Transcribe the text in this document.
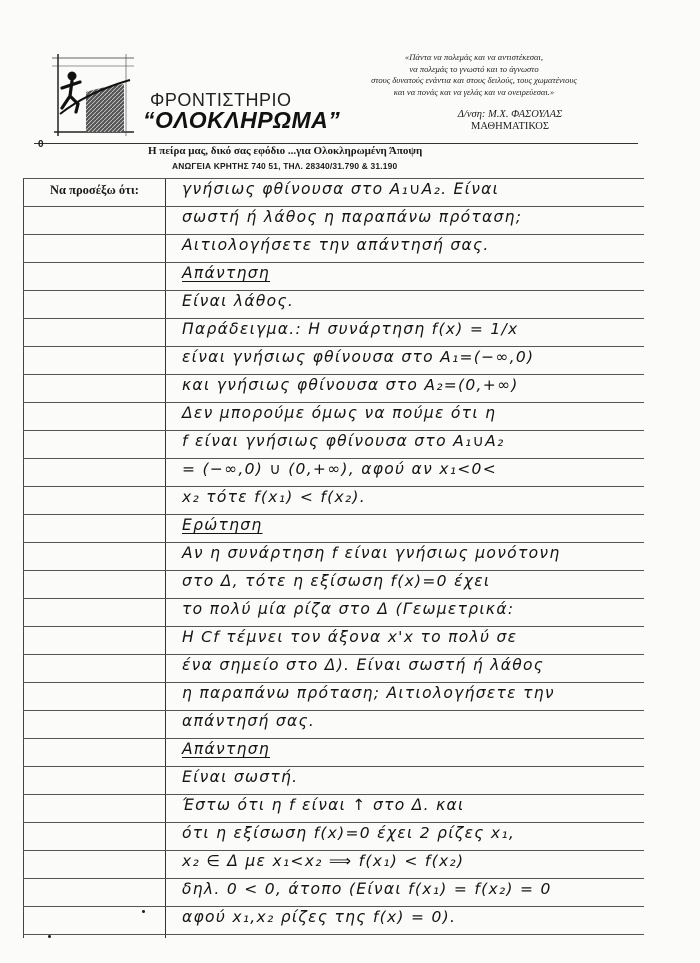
ΦΡΟΝΤΙΣΤΗΡΙΟ
“ΟΛΟΚΛΗΡΩΜΑ”
«Πάντα να πολεμάς και να αντιστέκεσαι,
να πολεμάς το γνωστό και το άγνωστο
στους δυνατούς ενάντια και στους δειλούς, τους χωματένιους
και να πονάς και να γελάς και να ονειρεύεσαι.»
Δ/νση: Μ.Χ. ΦΑΣΟΥΛΑΣ
ΜΑΘΗΜΑΤΙΚΟΣ
0
Η πείρα μας, δικό σας εφόδιο ...για Ολοκληρωμένη Άποψη
ΑΝΩΓΕΙΑ ΚΡΗΤΗΣ 740 51, ΤΗΛ. 28340/31.790 & 31.190
Να προσέξω ότι:	γνήσιως φθίνουσα στο A₁∪A₂. Είναι
σωστή ή λάθος η παραπάνω πρόταση;
Αιτιολογήσετε την απάντησή σας.
Απάντηση
Είναι λάθος.
Παράδειγμα.: Η συνάρτηση f(x) = 1/x
είναι γνήσιως φθίνουσα στο A₁=(−∞,0)
και γνήσιως φθίνουσα στο A₂=(0,+∞)
Δεν μπορούμε όμως να πούμε ότι η
f είναι γνήσιως φθίνουσα στο A₁∪A₂
= (−∞,0) ∪ (0,+∞), αφού αν x₁<0<
x₂ τότε f(x₁) < f(x₂).
Ερώτηση
Αν η συνάρτηση f είναι γνήσιως μονότονη
στο Δ, τότε η εξίσωση f(x)=0 έχει
το πολύ μία ρίζα στο Δ (Γεωμετρικά:
Η Cf τέμνει τον άξονα x'x το πολύ σε
ένα σημείο στο Δ). Είναι σωστή ή λάθος
η παραπάνω πρόταση; Αιτιολογήσετε την
απάντησή σας.
Απάντηση
Είναι σωστή.
Έστω ότι η f είναι ↑ στο Δ. και
ότι η εξίσωση f(x)=0 έχει 2 ρίζες x₁,
x₂ ∈ Δ με x₁<x₂ ⟹ f(x₁) < f(x₂)
δηλ. 0 < 0, άτοπο (Είναι f(x₁) = f(x₂) = 0
αφού x₁,x₂ ρίζες της f(x) = 0).
